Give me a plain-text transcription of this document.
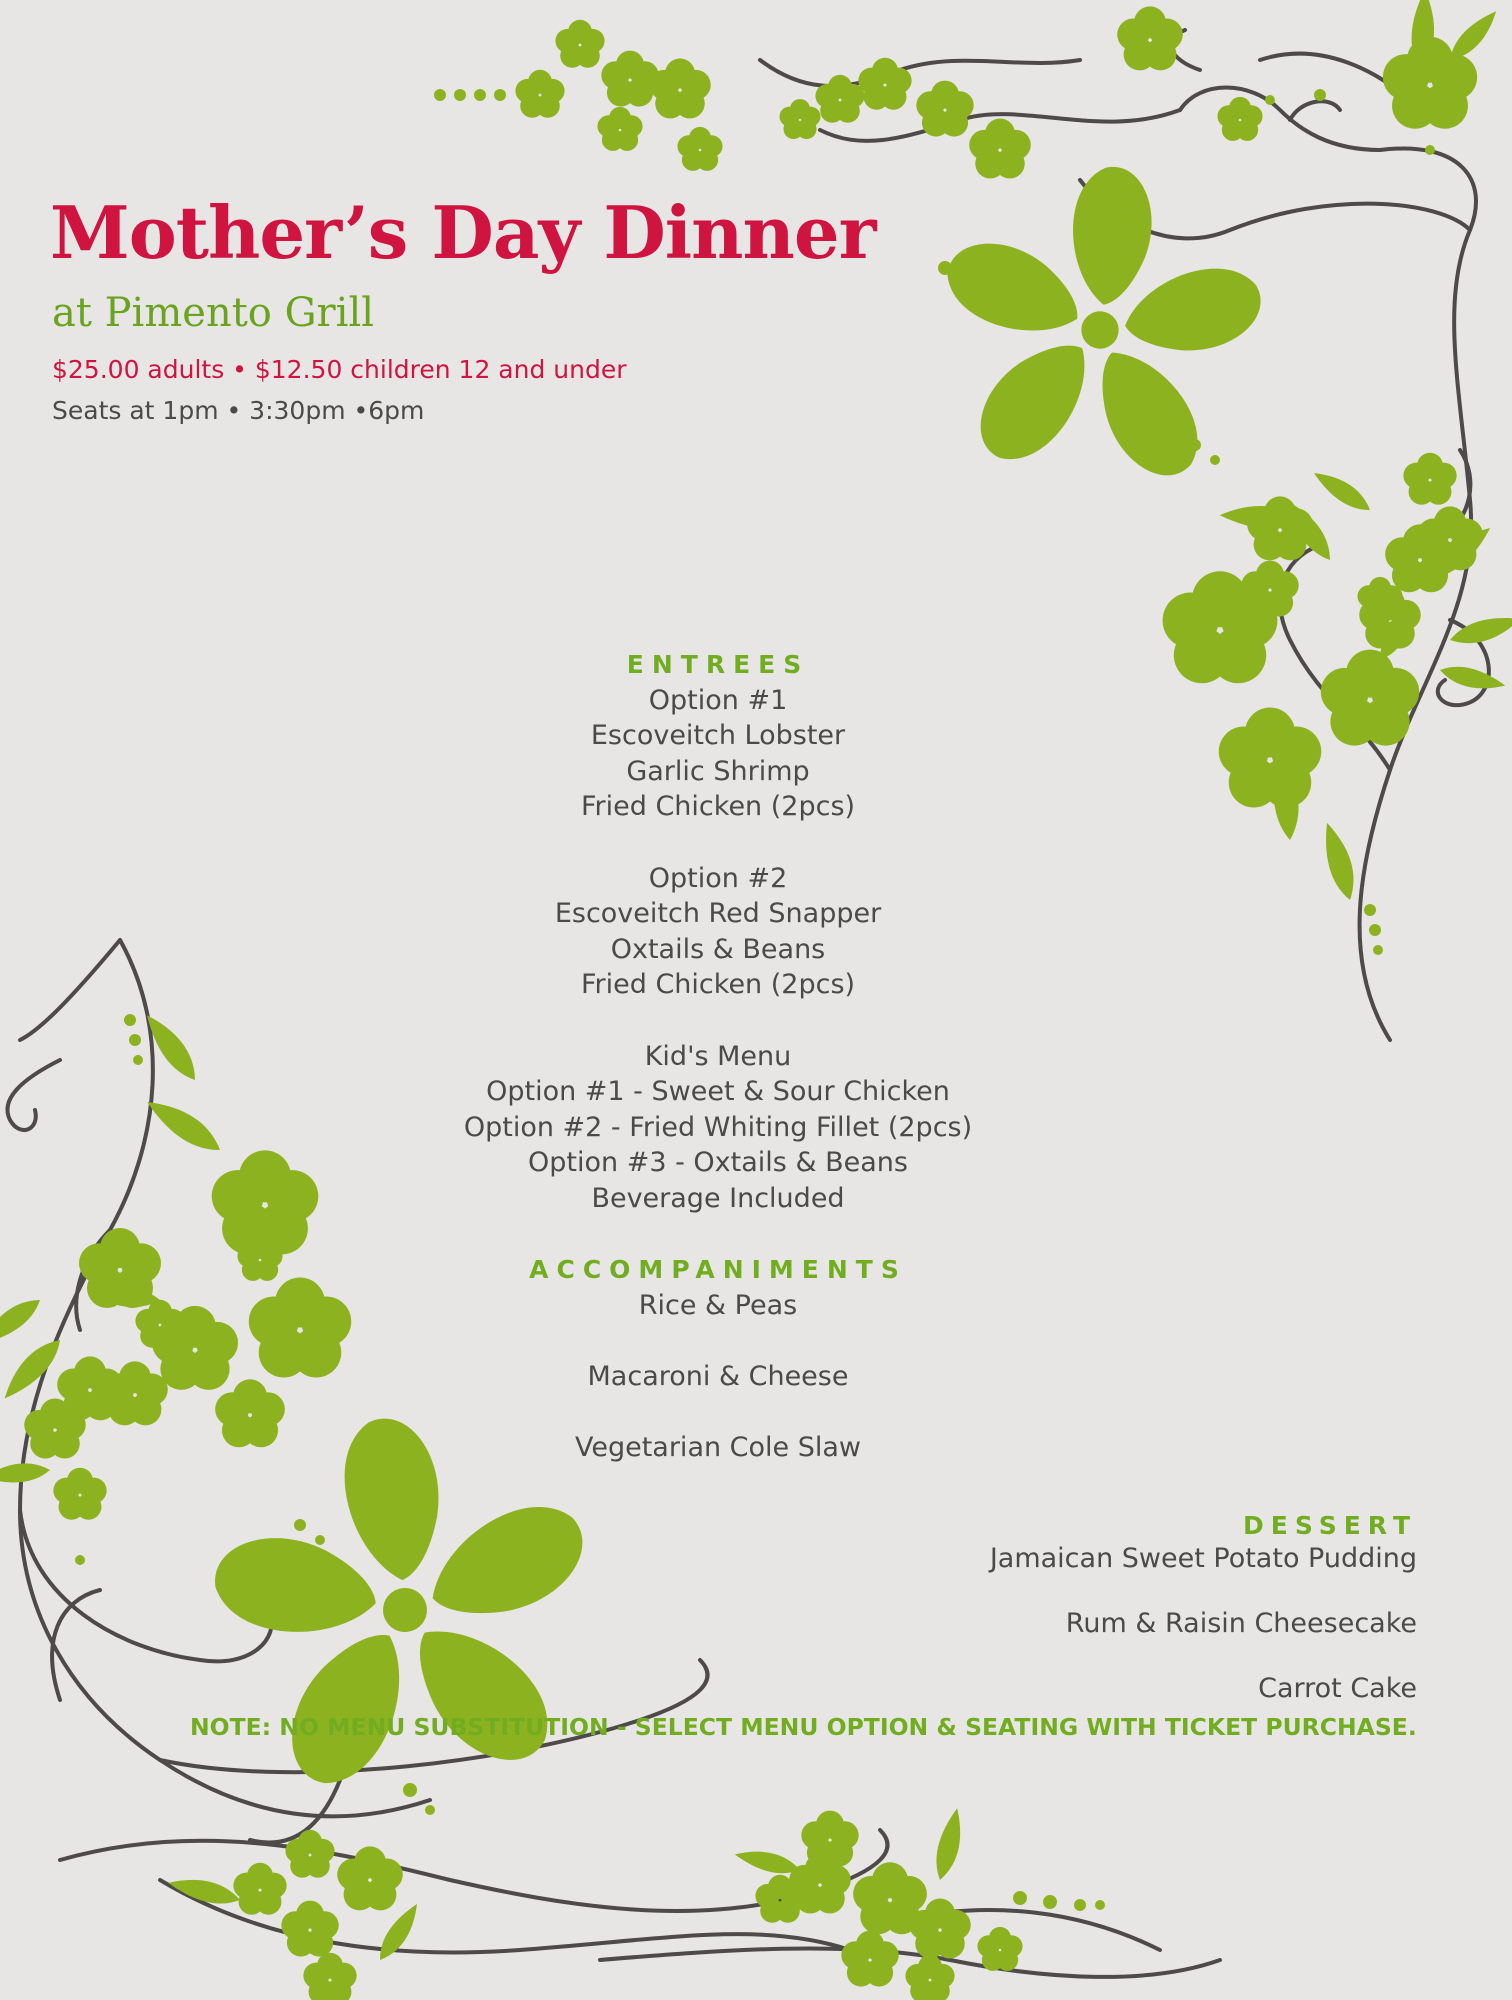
Mother’s Day Dinner
at Pimento Grill
$25.00 adults • $12.50 children 12 and under
Seats at 1pm • 3:30pm •6pm
ENTREES
Option #1
Escoveitch Lobster
Garlic Shrimp
Fried Chicken (2pcs)
Option #2
Escoveitch Red Snapper
Oxtails & Beans
Fried Chicken (2pcs)
Kid's Menu
Option #1 - Sweet & Sour Chicken
Option #2 - Fried Whiting Fillet (2pcs)
Option #3 - Oxtails & Beans
Beverage Included
ACCOMPANIMENTS
Rice & Peas
Macaroni & Cheese
Vegetarian Cole Slaw
DESSERT
Jamaican Sweet Potato Pudding
Rum & Raisin Cheesecake
Carrot Cake
NOTE: NO MENU SUBSTITUTION - SELECT MENU OPTION & SEATING WITH TICKET PURCHASE.
